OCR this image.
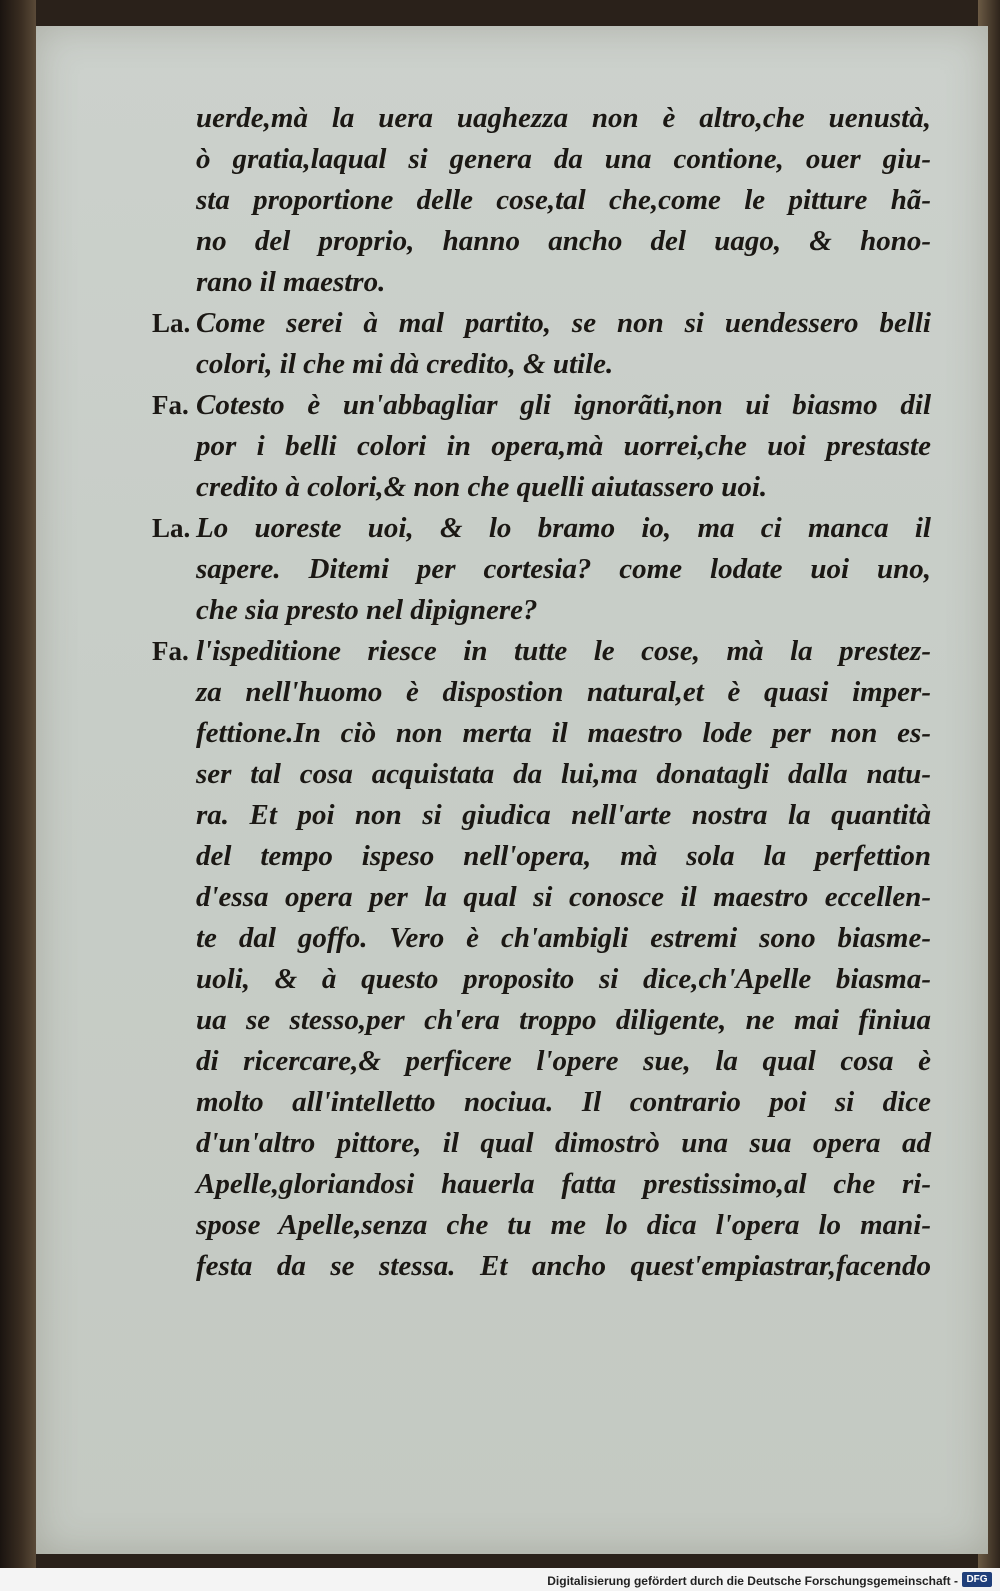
uerde,mà la uera uaghezza non è altro,che uenustà,
ò gratia,laqual si genera da una contione, ouer giu-
sta proportione delle cose,tal che,come le pitture hã-
no del proprio, hanno ancho del uago, & hono-
rano il maestro.
La. Come serei à mal partito, se non si uendessero belli
colori, il che mi dà credito, & utile.
Fa. Cotesto è un'abbagliar gli ignorãti,non ui biasmo dil
por i belli colori in opera,mà uorrei,che uoi prestaste
credito à colori,& non che quelli aiutassero uoi.
La. Lo uoreste uoi, & lo bramo io, ma ci manca il
sapere. Ditemi per cortesia? come lodate uoi uno,
che sia presto nel dipignere?
Fa. l'ispeditione riesce in tutte le cose, mà la prestez-
za nell'huomo è dispostion natural,et è quasi imper-
fettione.In ciò non merta il maestro lode per non es-
ser tal cosa acquistata da lui,ma donatagli dalla natu-
ra. Et poi non si giudica nell'arte nostra la quantità
del tempo ispeso nell'opera, mà sola la perfettion
d'essa opera per la qual si conosce il maestro eccellen-
te dal goffo. Vero è ch'ambigli estremi sono biasme-
uoli, & à questo proposito si dice,ch'Apelle biasma-
ua se stesso,per ch'era troppo diligente, ne mai finiua
di ricercare,& perficere l'opere sue, la qual cosa è
molto all'intelletto nociua. Il contrario poi si dice
d'un'altro pittore, il qual dimostrò una sua opera ad
Apelle,gloriandosi hauerla fatta prestissimo,al che ri-
spose Apelle,senza che tu me lo dica l'opera lo mani-
festa da se stessa. Et ancho quest'empiastrar,facendo
Digitalisierung gefördert durch die Deutsche Forschungsgemeinschaft - DFG
